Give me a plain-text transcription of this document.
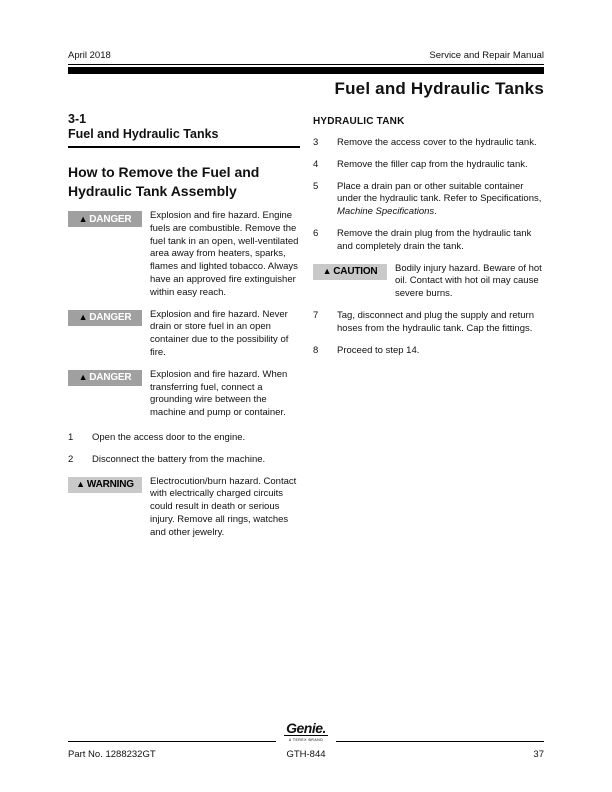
April 2018	Service and Repair Manual
Fuel and Hydraulic Tanks
3-1
Fuel and Hydraulic Tanks
How to Remove the Fuel and Hydraulic Tank Assembly
▲ DANGER Explosion and fire hazard. Engine fuels are combustible. Remove the fuel tank in an open, well-ventilated area away from heaters, sparks, flames and lighted tobacco. Always have an approved fire extinguisher within easy reach.
▲ DANGER Explosion and fire hazard. Never drain or store fuel in an open container due to the possibility of fire.
▲ DANGER Explosion and fire hazard. When transferring fuel, connect a grounding wire between the machine and pump or container.
1	Open the access door to the engine.
2	Disconnect the battery from the machine.
▲ WARNING Electrocution/burn hazard. Contact with electrically charged circuits could result in death or serious injury. Remove all rings, watches and other jewelry.
HYDRAULIC TANK
3	Remove the access cover to the hydraulic tank.
4	Remove the filler cap from the hydraulic tank.
5	Place a drain pan or other suitable container under the hydraulic tank. Refer to Specifications, Machine Specifications.
6	Remove the drain plug from the hydraulic tank and completely drain the tank.
▲ CAUTION Bodily injury hazard. Beware of hot oil. Contact with hot oil may cause severe burns.
7	Tag, disconnect and plug the supply and return hoses from the hydraulic tank. Cap the fittings.
8	Proceed to step 14.
Genie.
A TEREX BRAND
Part No. 1288232GT	GTH-844	37
